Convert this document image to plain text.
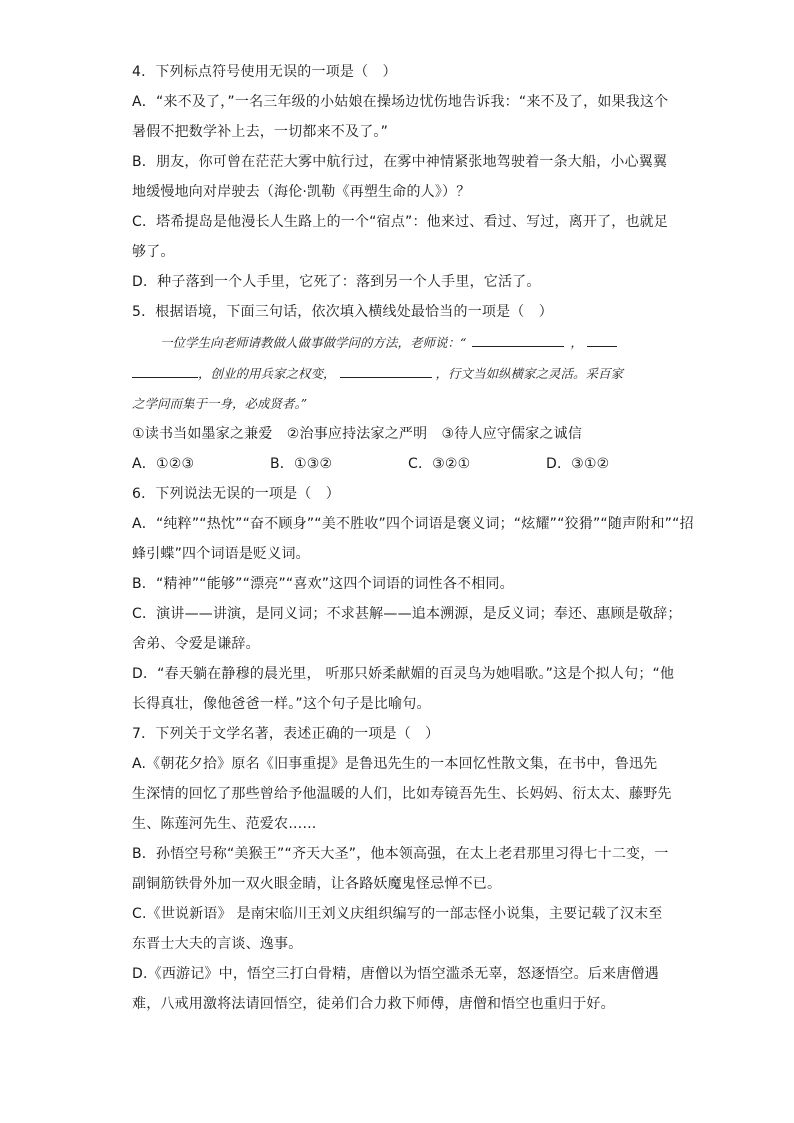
4．下列标点符号使用无误的一项是（　）
A．“来不及了，”一名三年级的小姑娘在操场边忧伤地告诉我：“来不及了，如果我这个
暑假不把数学补上去，一切都来不及了。”
B．朋友，你可曾在茫茫大雾中航行过，在雾中神情紧张地驾驶着一条大船，小心翼翼
地缓慢地向对岸驶去（海伦·凯勒《再塑生命的人》）？
C．塔希提岛是他漫长人生路上的一个“宿点”：他来过、看过、写过，离开了，也就足
够了。
D．种子落到一个人手里，它死了：落到另一个人手里，它活了。
5．根据语境，下面三句话，依次填入横线处最恰当的一项是（　）
一位学生向老师请教做人做事做学问的方法，老师说：“	，
，创业的用兵家之权变，	，行文当如纵横家之灵活。采百家
之学问而集于一身，必成贤者。”
①读书当如墨家之兼爱　②治事应持法家之严明　③待人应守儒家之诚信
A．①②③	B．①③②	C．③②①	D．③①②
6．下列说法无误的一项是（　）
A．“纯粹”“热忱”“奋不顾身”“美不胜收”四个词语是褒义词；“炫耀”“狡猾”“随声附和”“招
蜂引蝶”四个词语是贬义词。
B．“精神”“能够”“漂亮”“喜欢”这四个词语的词性各不相同。
C．演讲——讲演，是同义词；不求甚解——追本溯源，是反义词；奉还、惠顾是敬辞；
舍弟、令爱是谦辞。
D．“春天躺在静穆的晨光里， 听那只娇柔献媚的百灵鸟为她唱歌。”这是个拟人句；“他
长得真壮，像他爸爸一样。”这个句子是比喻句。
7．下列关于文学名著，表述正确的一项是（　）
A.《朝花夕拾》原名《旧事重提》是鲁迅先生的一本回忆性散文集，在书中，鲁迅先
生深情的回忆了那些曾给予他温暖的人们，比如寿镜吾先生、长妈妈、衍太太、藤野先
生、陈莲河先生、范爱农……
B．孙悟空号称“美猴王”“齐天大圣”，他本领高强，在太上老君那里习得七十二变，一
副铜筋铁骨外加一双火眼金睛，让各路妖魔鬼怪忌惮不已。
C.《世说新语》 是南宋临川王刘义庆组织编写的一部志怪小说集，主要记载了汉末至
东晋士大夫的言谈、逸事。
D.《西游记》中，悟空三打白骨精，唐僧以为悟空滥杀无辜，怒逐悟空。后来唐僧遇
难，八戒用激将法请回悟空，徒弟们合力救下师傅，唐僧和悟空也重归于好。
